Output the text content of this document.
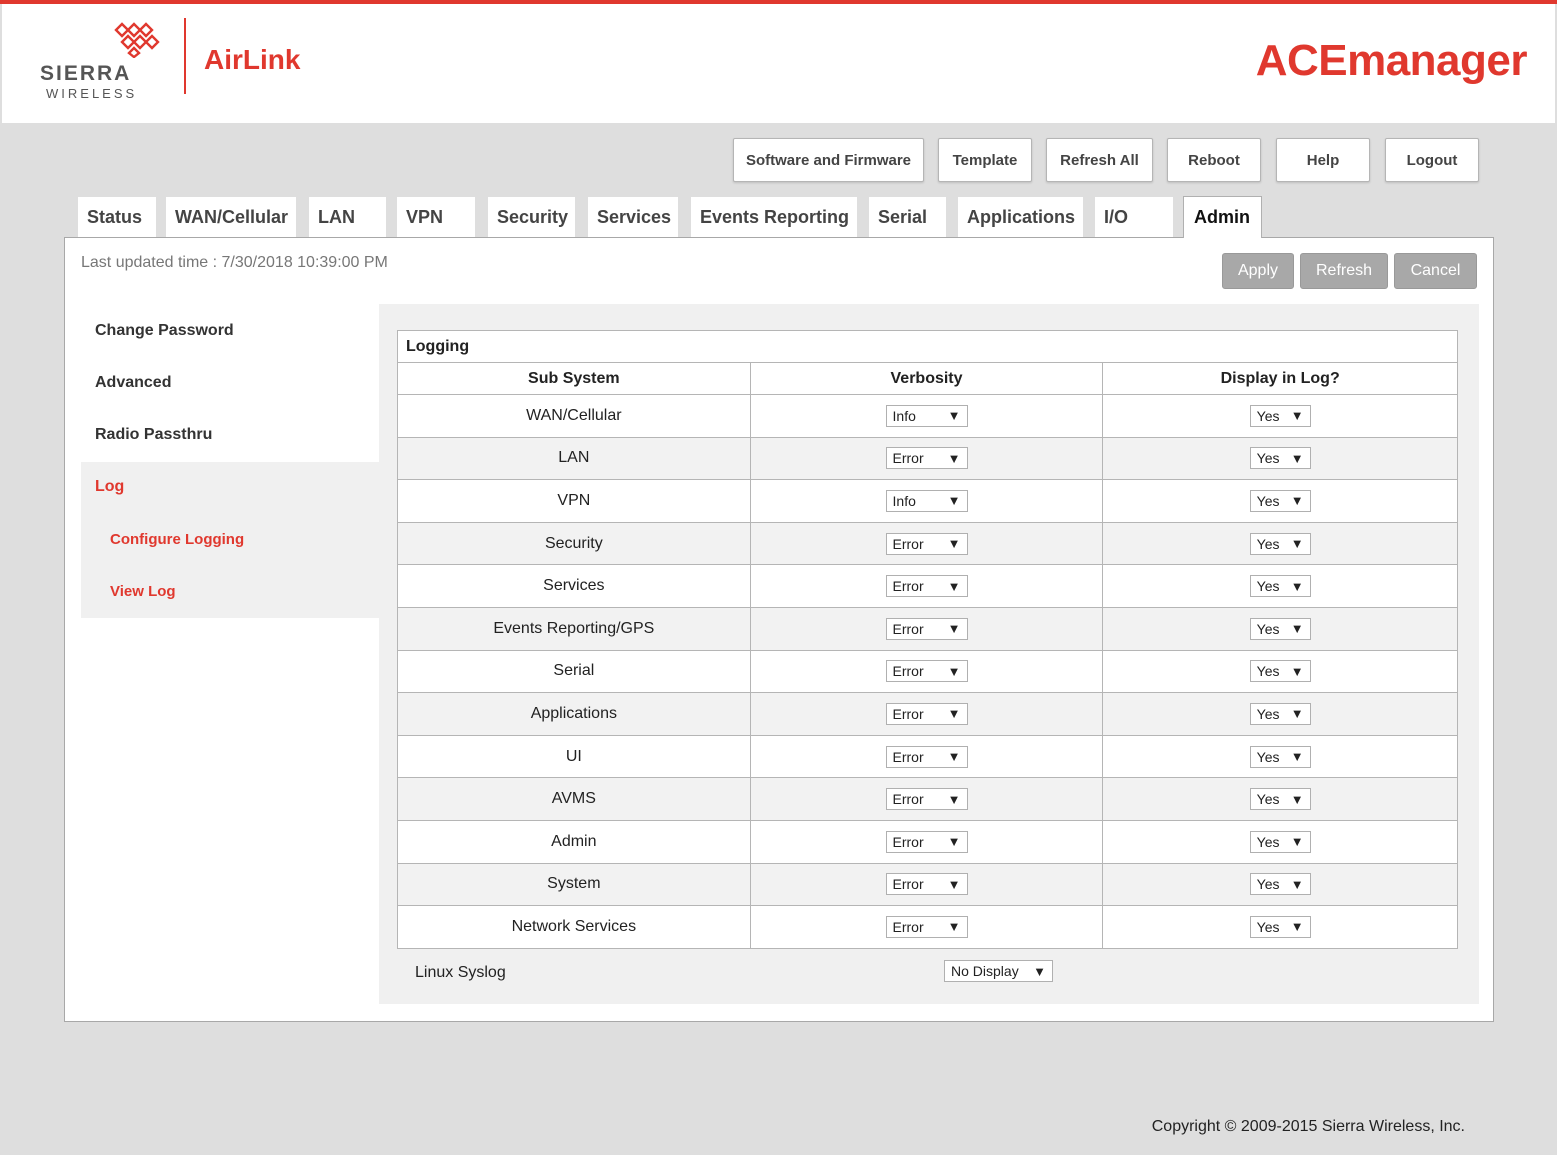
SIERRA
WIRELESS
AirLink	ACEmanager
Software and Firmware	Template	Refresh All	Reboot	Help	Logout
Status	WAN/Cellular	LAN	VPN	Security	Services	Events Reporting	Serial	Applications	I/O	Admin
Last updated time : 7/30/2018 10:39:00 PM	Apply	Refresh	Cancel
Change Password
Advanced
Radio Passthru
Log
Configure Logging
View Log
Logging		
Sub System	Verbosity	Display in Log?
WAN/Cellular	Info ▼	Yes ▼

LAN	Error ▼	Yes ▼

VPN	Info ▼	Yes ▼

Security	Error ▼	Yes ▼

Services	Error ▼	Yes ▼

Events Reporting/GPS	Error ▼	Yes ▼

Serial	Error ▼	Yes ▼

Applications	Error ▼	Yes ▼

UI	Error ▼	Yes ▼

AVMS	Error ▼	Yes ▼

Admin	Error ▼	Yes ▼

System	Error ▼	Yes ▼

Network Services	Error ▼	Yes ▼
Linux Syslog	No Display ▼
Copyright © 2009-2015 Sierra Wireless, Inc.
